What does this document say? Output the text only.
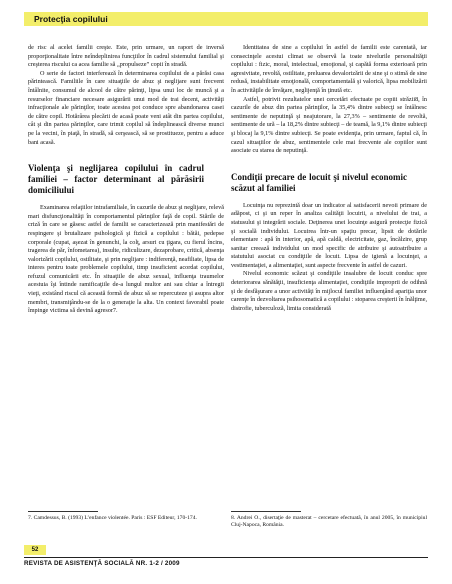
Protecţia copilului

de risc al acelei familii creşte. Este, prin urmare, un raport de inversă proporţionalitate între neîndeplinirea funcţiilor în cadrul sistemului familial şi creşterea riscului ca acea familie să „propulseze” copii în stradă.

O serie de factori interferează în determinarea copilului de a părăsi casa părintească. Familiile în care situaţiile de abuz şi neglijare sunt frecvent întâlnite, consumul de alcool de către părinţi, lipsa unui loc de muncă şi a resurselor financiare necesare asigurării unui mod de trai decent, activităţi infracţionale ale părinţilor, toate acestea pot conduce spre abandonarea casei de către copil. Hotărârea plecării de acasă poate veni atât din partea copilului, cât şi din partea părinţilor, care trimit copilul să îndeplinească diverse munci pe la vecini, în piaţă, în stradă, să cerşească, să se prostitueze, pentru a aduce bani acasă.

Violenţa şi neglijarea copilului în cadrul familiei – factor determinant al părăsirii domiciliului

Examinarea relaţiilor intrafamiliale, în cazurile de abuz şi neglijare, relevă mari disfuncţionalităţi în comportamentul părinţilor faţă de copil. Stările de criză în care se găsesc astfel de familii se caracterizează prin manifestări de respingere şi brutalizare psihologică şi fizică a copilului : bătăi, pedepse corporale (cupat, aşezat în genunchi, la colţ, arsuri cu ţigara, cu fierul încins, tragerea de păr, înfometarea), insulte, ridiculizare, dezaprobare, critică, absenţa valorizării copilului, ostilitate, şi prin neglijare : indiferenţă, neafiliate, lipsa de interes pentru toate problemele copilului, timp insuficient acordat copilului, refuzul comunicării etc. În situaţiile de abuz sexual, influenţa traumelor acestuia îşi întinde ramificaţiile de-a lungul multor ani sau chiar a întregii vieţi, existând riscul că această formă de abuz să se repercuteze şi asupra altor membri, transmiţându-se de la o generaţie la alta. Un context favorabil poate împinge victima să devină agresor7.

7. Camdessus, B. (1993) L’enfance violentée. Paris : ESF Editeur, 170-174.

Identitatea de sine a copilului în astfel de familii este carentată, iar consecinţele acestui climat se observă la toate nivelurile personalităţii copilului : fizic, moral, intelectual, emoţional, şi capătă forma exterioară prin agresivitate, revoltă, ostilitate, preluarea devalorizării de sine şi o stimă de sine redusă, instabilitate emoţională, comportamentală şi valorică, lipsa mobilizării în activităţile de învăţare, neglijenţă în ţinută etc.

Astfel, potrivit rezultatelor unei cercetări efectuate pe copiii străzii8, în cazurile de abuz din partea părinţilor, la 35,4% dintre subiecţi se întâlnesc sentimente de neputinţă şi neajutorare, la 27,3% – sentimente de revoltă, sentimente de ură – la 18,2% dintre subiecţi – de teamă, la 9,1% dintre subiecţi şi blocaj la 9,1% dintre subiecţi. Se poate evidenţia, prin urmare, faptul că, în cazul situaţiilor de abuz, sentimentele cele mai frecvente ale copiilor sunt asociate cu starea de neputinţă.

Condiţii precare de locuit şi nivelul economic scăzut al familiei

Locuinţa nu reprezintă doar un indicator al satisfacerii nevoii primare de adăpost, ci şi un reper în analiza calităţii locuirii, a nivelului de trai, a statusului şi integrării sociale. Deţinerea unei locuinţe asigură protecţie fizică şi socială individului. Locuirea într-un spaţiu precar, lipsit de dotările elementare : apă în interior, apă, apă caldă, electricitate, gaz, încălzire, grup sanitar creează individului un mod specific de atribuire şi autoatribuire a statutului asociat cu condiţiile de locuit. Lipsa de igienă a locuinţei, a vestimentaţiei, a alimentaţiei, sunt aspecte frecvente în astfel de cazuri.

Nivelul economic scăzut şi condiţiile insalubre de locuit conduc spre deteriorarea sănătăţii, insuficienţa alimentaţiei, condiţiile improprii de odihnă şi de desfăşurare a unor activităţi în mijlocul familiei influenţând apariţia unor carenţe în dezvoltarea psihosomatică a copilului : stoparea creşterii în înălţime, distrofie, tuberculoză, limita considerată

8. Andrei O., disertaţie de masterat – cercetare efectuată, în anul 2005, în municipiul Cluj-Napoca, România.
52
REVISTA DE ASISTENŢĂ SOCIALĂ NR. 1-2 / 2009
